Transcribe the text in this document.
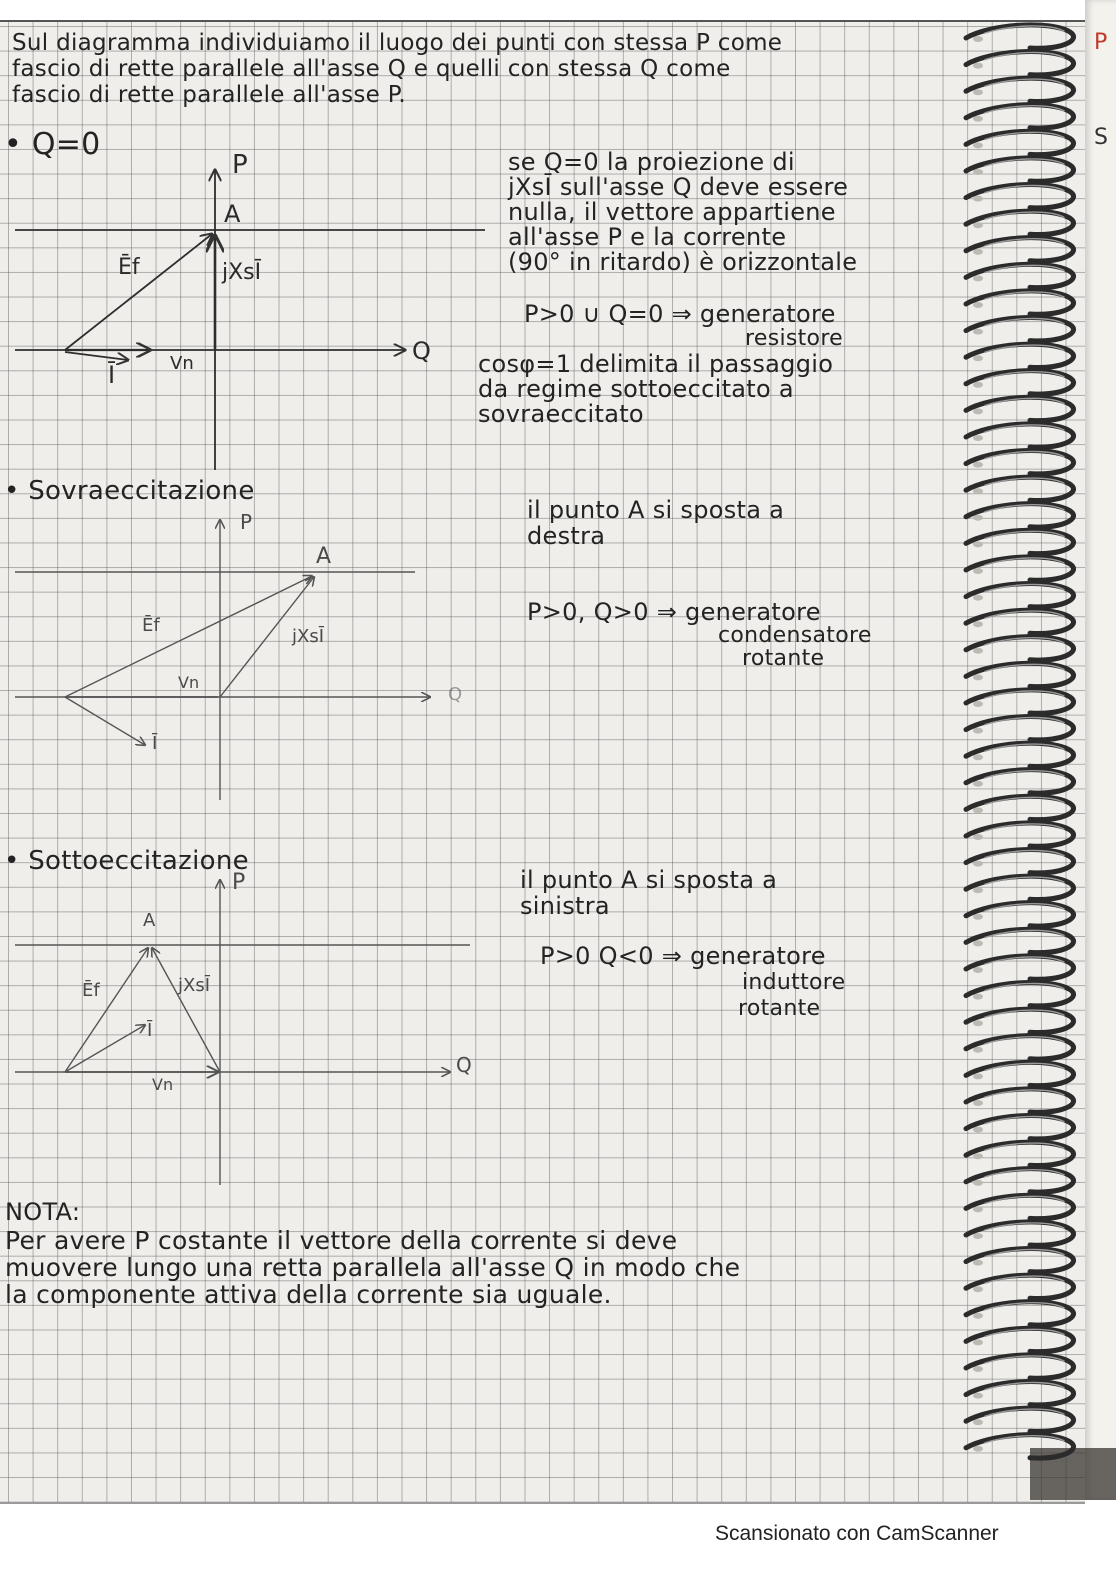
P
S
Sul diagramma individuiamo il luogo dei punti con stessa P come
fascio di rette parallele all'asse Q e quelli con stessa Q come
fascio di rette parallele all'asse P.
• Q=0
P
A
Ēf	jXsĪ
Vn
Ī
Q
se Q=0 la proiezione di
jXsĪ sull'asse Q deve essere
nulla, il vettore appartiene
all'asse P e la corrente
(90° in ritardo) è orizzontale
P>0 ∪ Q=0 ⇒ generatore
resistore
cosφ=1 delimita il passaggio
da regime sottoeccitato a
sovraeccitato
• Sovraeccitazione
P
A
Ēf
jXsĪ
Vn
Ī
Q
il punto A si sposta a
destra
P>0, Q>0 ⇒ generatore
condensatore
rotante
• Sottoeccitazione
P
A
Ēf	jXsĪ
Ī
Vn
Q
il punto A si sposta a
sinistra
P>0 Q<0 ⇒ generatore
induttore
rotante
NOTA:
Per avere P costante il vettore della corrente si deve
muovere lungo una retta parallela all'asse Q in modo che
la componente attiva della corrente sia uguale.
Scansionato con CamScanner
